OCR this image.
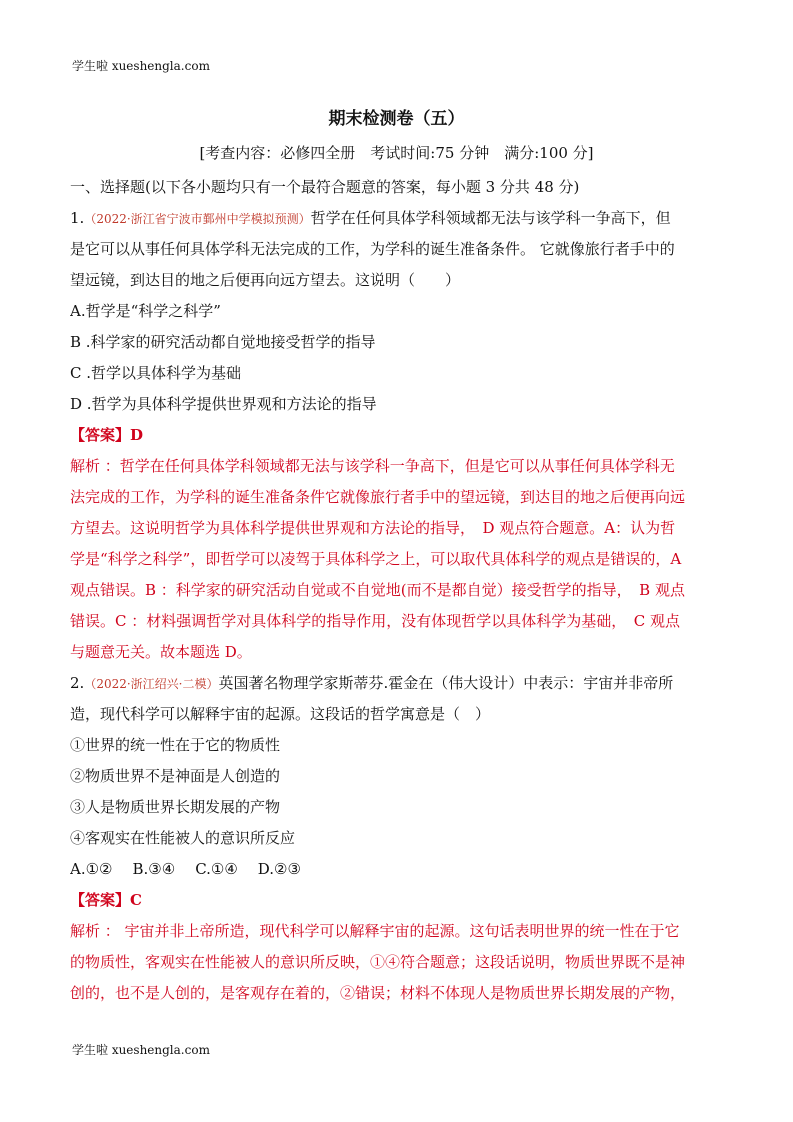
学生啦 xueshengla.com
期末检测卷（五）
[考查内容：必修四全册　考试时间:75 分钟　满分:100 分]
一、选择题(以下各小题均只有一个最符合题意的答案，每小题 3 分共 48 分)
1.（2022·浙江省宁波市鄞州中学模拟预测）哲学在任何具体学科领域都无法与该学科一争高下，但
是它可以从事任何具体学科无法完成的工作，为学科的诞生准备条件。 它就像旅行者手中的
望远镜，到达目的地之后便再向远方望去。这说明（　　）
A.哲学是“科学之科学”
B .科学家的研究活动都自觉地接受哲学的指导
C .哲学以具体科学为基础
D .哲学为具体科学提供世界观和方法论的指导
【答案】D
解析 ：哲学在任何具体学科领域都无法与该学科一争高下，但是它可以从事任何具体学科无
法完成的工作，为学科的诞生准备条件它就像旅行者手中的望远镜，到达目的地之后便再向远
方望去。这说明哲学为具体科学提供世界观和方法论的指导，　D 观点符合题意。A：认为哲
学是“科学之科学”，即哲学可以凌驾于具体科学之上，可以取代具体科学的观点是错误的，A
观点错误。B ：科学家的研究活动自觉或不自觉地(而不是都自觉）接受哲学的指导，　B 观点
错误。C ：材料强调哲学对具体科学的指导作用，没有体现哲学以具体科学为基础，　C 观点
与题意无关。故本题选 D。
2.（2022·浙江绍兴·二模）英国著名物理学家斯蒂芬.霍金在（伟大设计）中表示：宇宙并非帝所
造，现代科学可以解释宇宙的起源。这段话的哲学寓意是（　）
①世界的统一性在于它的物质性
②物质世界不是神面是人创造的
③人是物质世界长期发展的产物
④客观实在性能被人的意识所反应
A.①② B.③④ C.①④ D.②③
【答案】C
解析 ： 宇宙并非上帝所造，现代科学可以解释宇宙的起源。这句话表明世界的统一性在于它
的物质性，客观实在性能被人的意识所反映，①④符合题意；这段话说明，物质世界既不是神
创的，也不是人创的，是客观存在着的，②错误；材料不体现人是物质世界长期发展的产物，
学生啦 xueshengla.com
